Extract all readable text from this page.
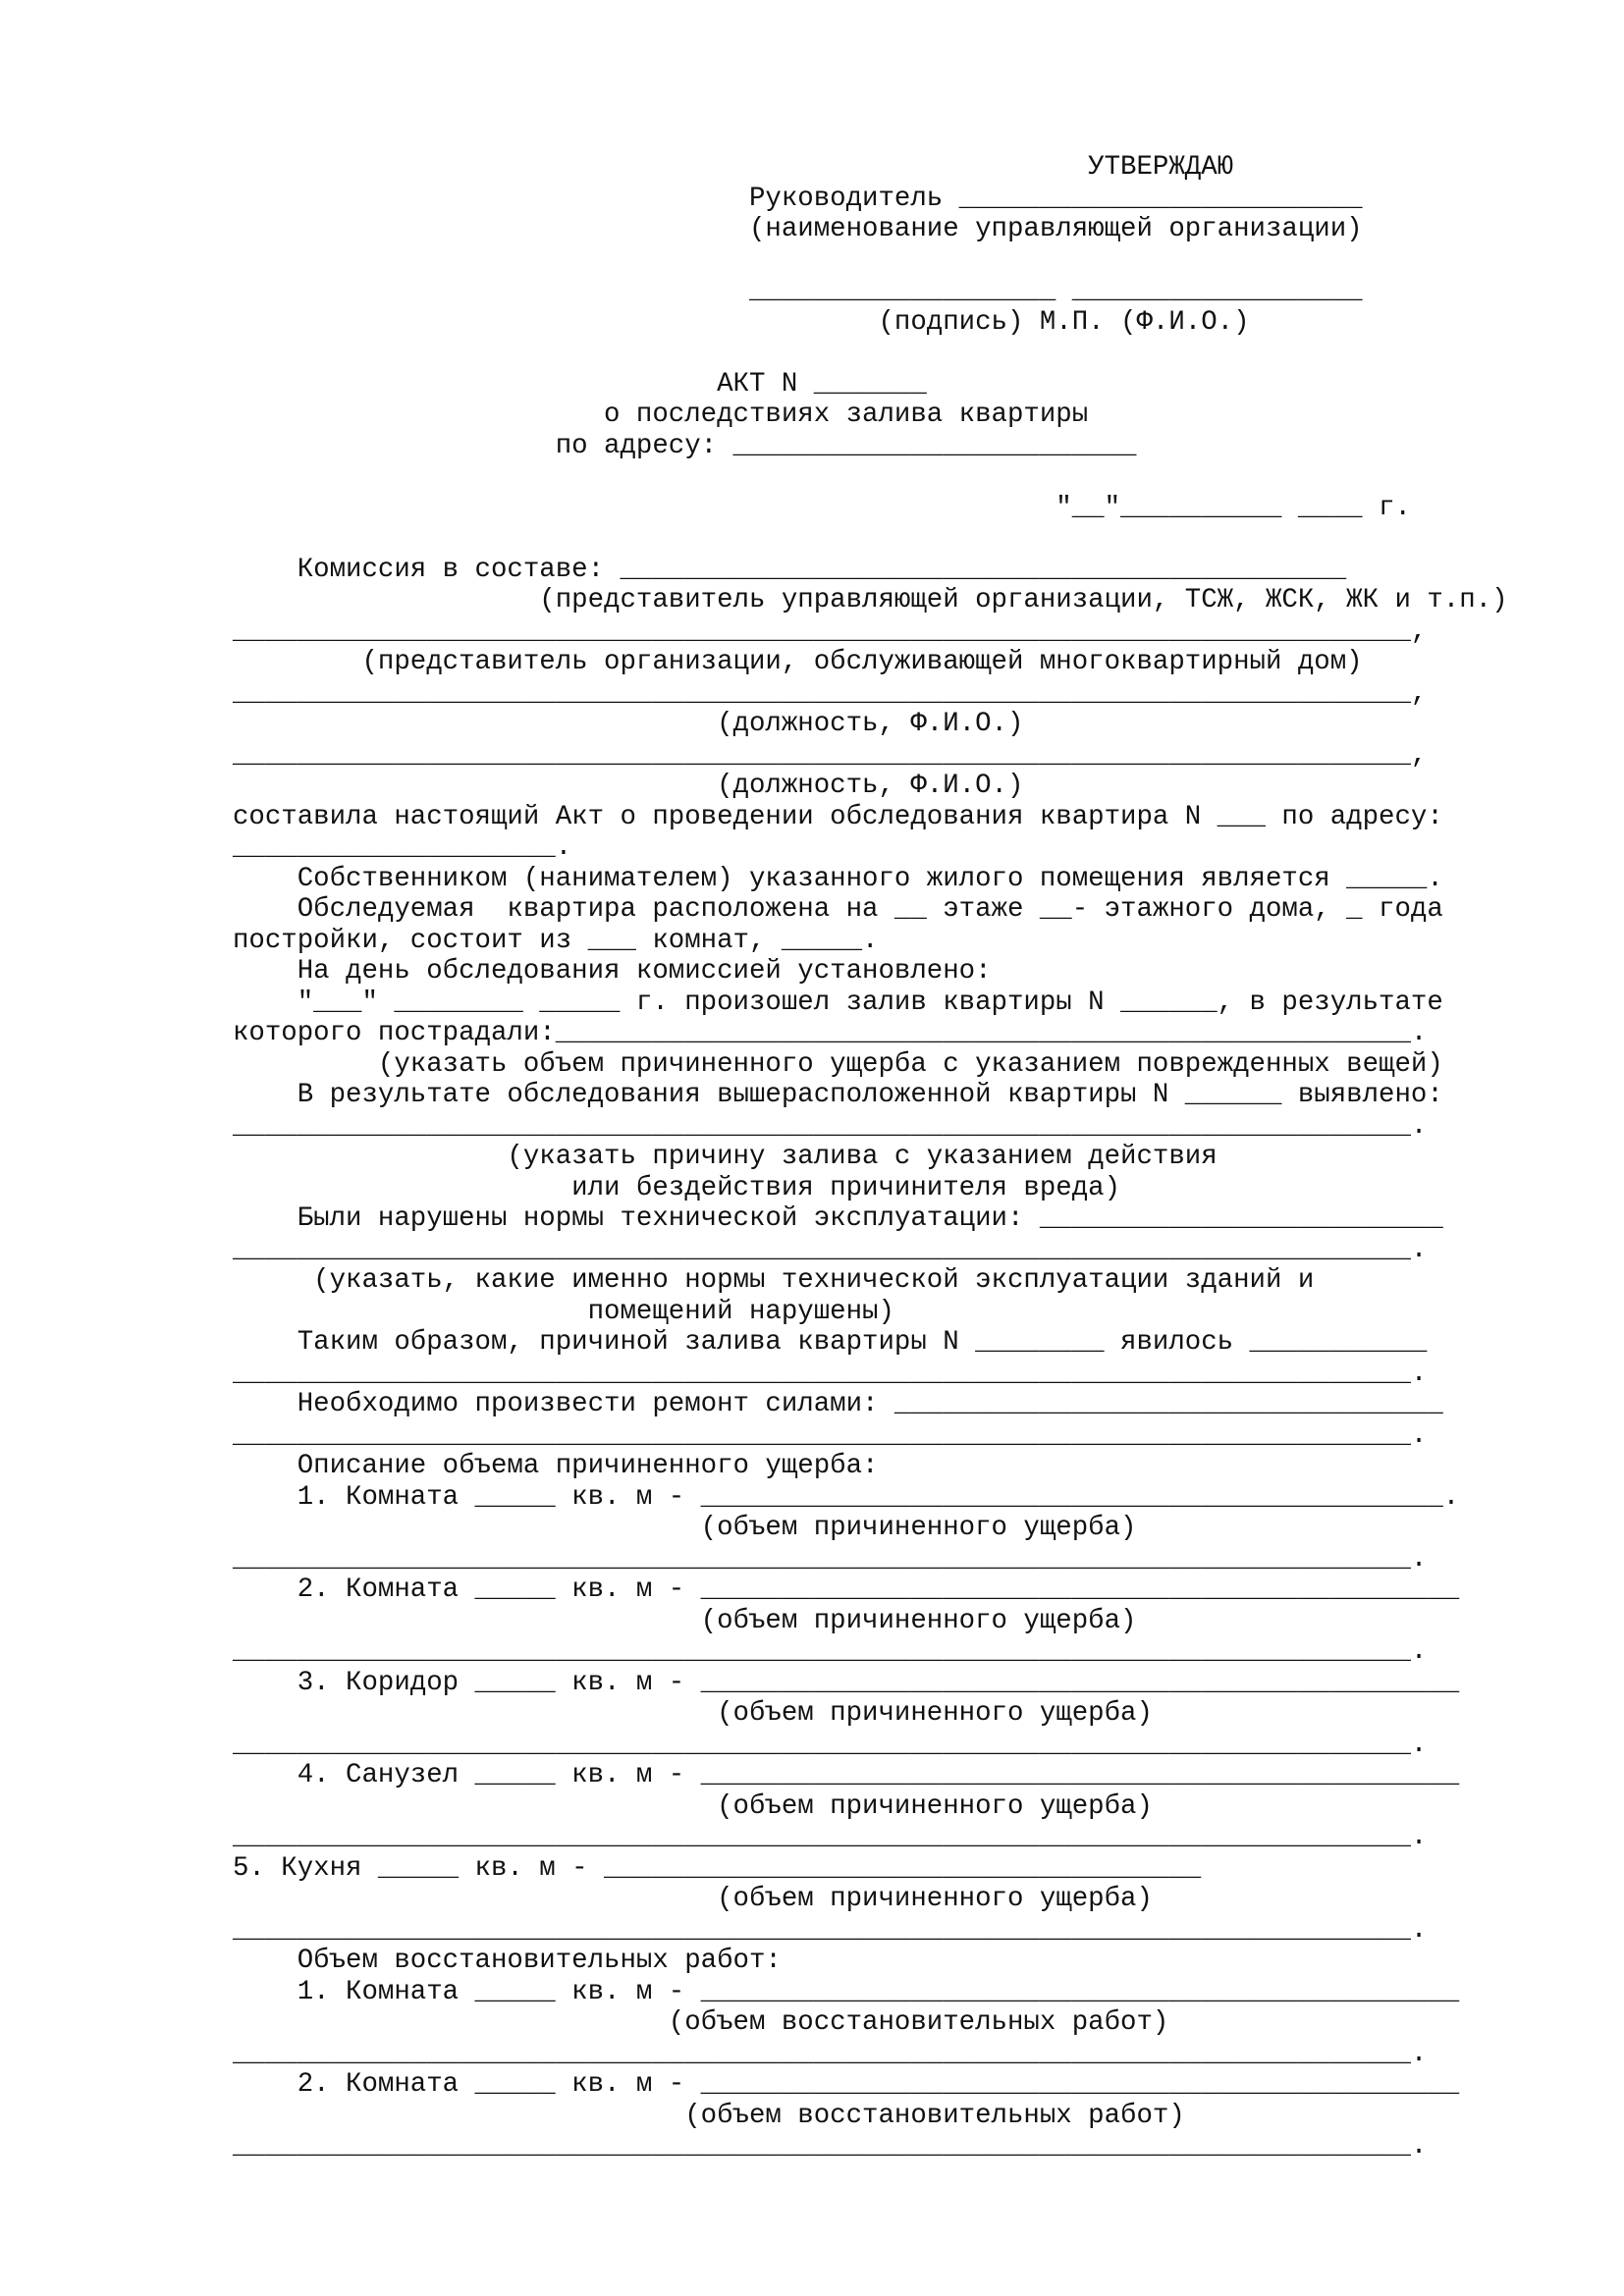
УТВЕРЖДАЮ
Руководитель _________________________
(наименование управляющей организации)
___________________ __________________
(подпись) М.П. (Ф.И.О.)
АКТ N _______
о последствиях залива квартиры
по адресу: _________________________
"__"__________ ____ г.
Комиссия в составе: _____________________________________________
(представитель управляющей организации, ТСЖ, ЖСК, ЖК и т.п.)
_________________________________________________________________________,
(представитель организации, обслуживающей многоквартирный дом)
_________________________________________________________________________,
(должность, Ф.И.О.)
_________________________________________________________________________,
(должность, Ф.И.О.)
составила настоящий Акт о проведении обследования квартира N ___ по адресу:
____________________.
Собственником (нанимателем) указанного жилого помещения является _____.
Обследуемая  квартира расположена на __ этаже __- этажного дома, _ года
постройки, состоит из ___ комнат, _____.
На день обследования комиссией установлено:
"___" ________ _____ г. произошел залив квартиры N ______, в результате
которого пострадали:_____________________________________________________.
(указать объем причиненного ущерба с указанием поврежденных вещей)
В результате обследования вышерасположенной квартиры N ______ выявлено:
_________________________________________________________________________.
(указать причину залива с указанием действия
или бездействия причинителя вреда)
Были нарушены нормы технической эксплуатации: _________________________
_________________________________________________________________________.
(указать, какие именно нормы технической эксплуатации зданий и
помещений нарушены)
Таким образом, причиной залива квартиры N ________ явилось ___________
_________________________________________________________________________.
Необходимо произвести ремонт силами: __________________________________
_________________________________________________________________________.
Описание объема причиненного ущерба:
1. Комната _____ кв. м - ______________________________________________.
(объем причиненного ущерба)
_________________________________________________________________________.
2. Комната _____ кв. м - _______________________________________________
(объем причиненного ущерба)
_________________________________________________________________________.
3. Коридор _____ кв. м - _______________________________________________
(объем причиненного ущерба)
_________________________________________________________________________.
4. Санузел _____ кв. м - _______________________________________________
(объем причиненного ущерба)
_________________________________________________________________________.
5. Кухня _____ кв. м - _____________________________________
(объем причиненного ущерба)
_________________________________________________________________________.
Объем восстановительных работ:
1. Комната _____ кв. м - _______________________________________________
(объем восстановительных работ)
_________________________________________________________________________.
2. Комната _____ кв. м - _______________________________________________
(объем восстановительных работ)
_________________________________________________________________________.
